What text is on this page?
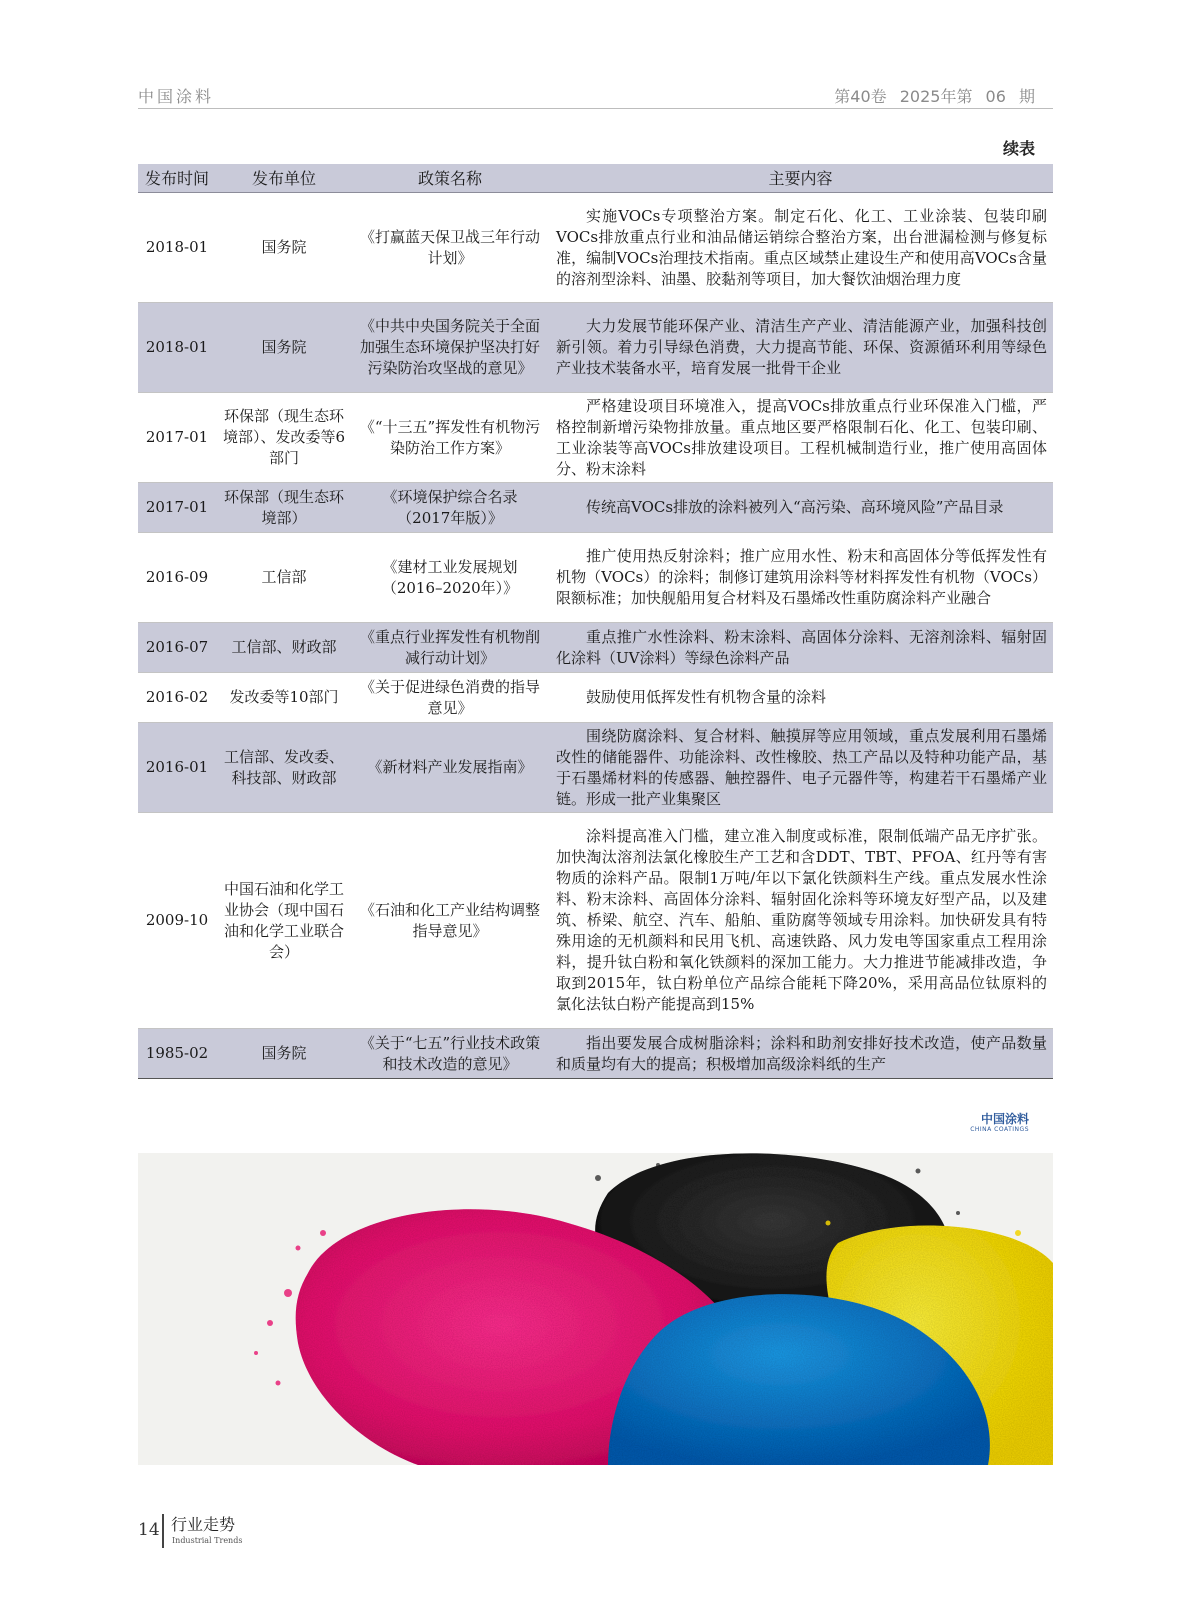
中国涂料	第40卷 2025年第 06 期
续表
发布时间	发布单位	政策名称	主要内容
2018-01	国务院	《打赢蓝天保卫战三年行动计划》	实施VOCs专项整治方案。制定石化、化工、工业涂装、包装印刷VOCs排放重点行业和油品储运销综合整治方案，出台泄漏检测与修复标准，编制VOCs治理技术指南。重点区域禁止建设生产和使用高VOCs含量的溶剂型涂料、油墨、胶黏剂等项目，加大餐饮油烟治理力度
2018-01	国务院	《中共中央国务院关于全面加强生态环境保护坚决打好污染防治攻坚战的意见》	大力发展节能环保产业、清洁生产产业、清洁能源产业，加强科技创新引领。着力引导绿色消费，大力提高节能、环保、资源循环利用等绿色产业技术装备水平，培育发展一批骨干企业
2017-01	环保部（现生态环境部）、发改委等6部门	《“十三五”挥发性有机物污染防治工作方案》	严格建设项目环境准入，提高VOCs排放重点行业环保准入门槛，严格控制新增污染物排放量。重点地区要严格限制石化、化工、包装印刷、工业涂装等高VOCs排放建设项目。工程机械制造行业，推广使用高固体分、粉末涂料
2017-01	环保部（现生态环境部）	《环境保护综合名录（2017年版）》	传统高VOCs排放的涂料被列入“高污染、高环境风险”产品目录
2016-09	工信部	《建材工业发展规划（2016–2020年）》	推广使用热反射涂料；推广应用水性、粉末和高固体分等低挥发性有机物（VOCs）的涂料；制修订建筑用涂料等材料挥发性有机物（VOCs）限额标准；加快舰船用复合材料及石墨烯改性重防腐涂料产业融合
2016-07	工信部、财政部	《重点行业挥发性有机物削减行动计划》	重点推广水性涂料、粉末涂料、高固体分涂料、无溶剂涂料、辐射固化涂料（UV涂料）等绿色涂料产品
2016-02	发改委等10部门	《关于促进绿色消费的指导意见》	鼓励使用低挥发性有机物含量的涂料
2016-01	工信部、发改委、科技部、财政部	《新材料产业发展指南》	围绕防腐涂料、复合材料、触摸屏等应用领域，重点发展利用石墨烯改性的储能器件、功能涂料、改性橡胶、热工产品以及特种功能产品，基于石墨烯材料的传感器、触控器件、电子元器件等，构建若干石墨烯产业链。形成一批产业集聚区
2009-10	中国石油和化学工业协会（现中国石油和化学工业联合会）	《石油和化工产业结构调整指导意见》	涂料提高准入门槛，建立准入制度或标准，限制低端产品无序扩张。加快淘汰溶剂法氯化橡胶生产工艺和含DDT、TBT、PFOA、红丹等有害物质的涂料产品。限制1万吨/年以下氯化铁颜料生产线。重点发展水性涂料、粉末涂料、高固体分涂料、辐射固化涂料等环境友好型产品，以及建筑、桥梁、航空、汽车、船舶、重防腐等领域专用涂料。加快研发具有特殊用途的无机颜料和民用飞机、高速铁路、风力发电等国家重点工程用涂料，提升钛白粉和氧化铁颜料的深加工能力。大力推进节能减排改造，争取到2015年，钛白粉单位产品综合能耗下降20%，采用高品位钛原料的氯化法钛白粉产能提高到15%
1985-02	国务院	《关于“七五”行业技术政策和技术改造的意见》	指出要发展合成树脂涂料；涂料和助剂安排好技术改造，使产品数量和质量均有大的提高；积极增加高级涂料纸的生产
中国涂料
CHINA COATINGS
14 行业走势
Industrial Trends
